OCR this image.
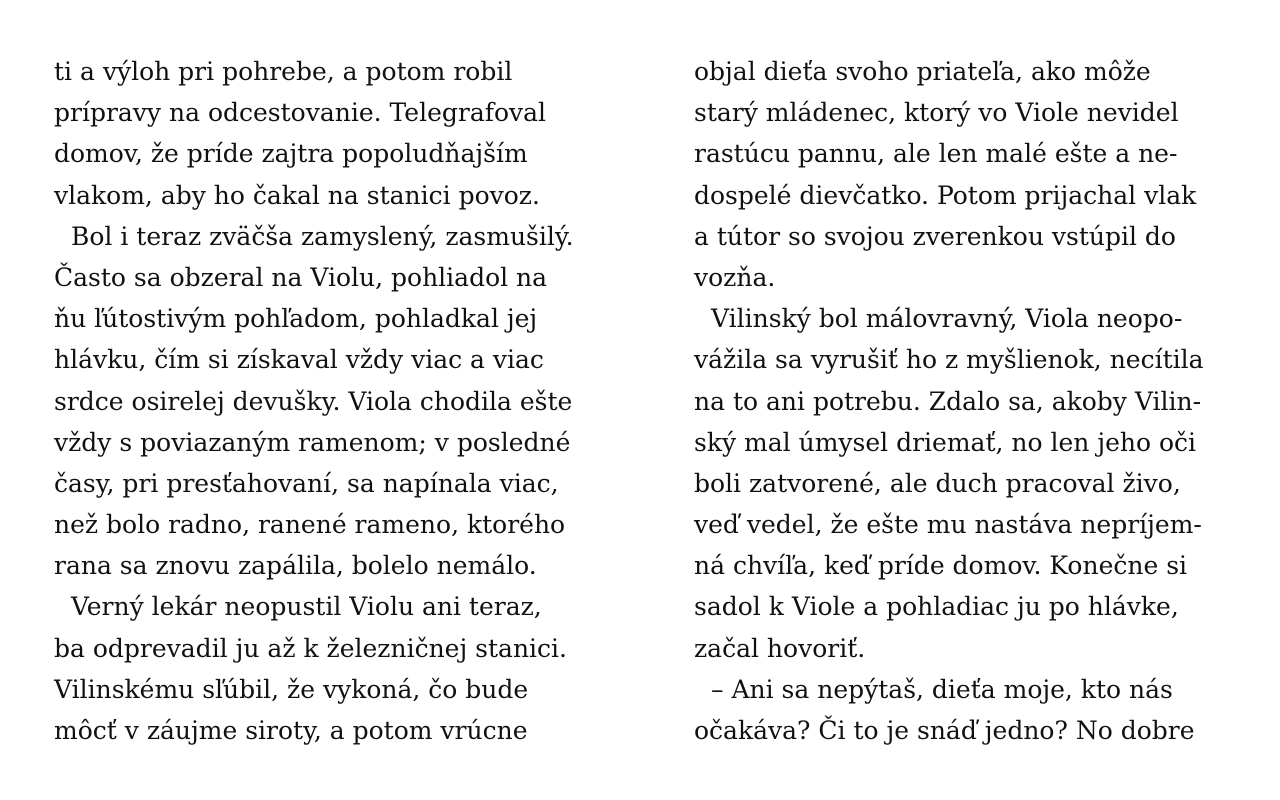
ti a výloh pri pohrebe, a potom robil
prípravy na odcestovanie. Telegrafoval
domov, že príde zajtra popoludňajším
vlakom, aby ho čakal na stanici povoz.
Bol i teraz zväčša zamyslený, zasmušilý.
Často sa obzeral na Violu, pohliadol na
ňu ľútostivým pohľadom, pohladkal jej
hlávku, čím si získaval vždy viac a viac
srdce osirelej devušky. Viola chodila ešte
vždy s poviazaným ramenom; v posledné
časy, pri presťahovaní, sa napínala viac,
než bolo radno, ranené rameno, ktorého
rana sa znovu zapálila, bolelo nemálo.
Verný lekár neopustil Violu ani teraz,
ba odprevadil ju až k železničnej stanici.
Vilinskému sľúbil, že vykoná, čo bude
môcť v záujme siroty, a potom vrúcne
objal dieťa svoho priateľa, ako môže
starý mládenec, ktorý vo Viole nevidel
rastúcu pannu, ale len malé ešte a ne-
dospelé dievčatko. Potom prijachal vlak
a tútor so svojou zverenkou vstúpil do
vozňa.
Vilinský bol málovravný, Viola neopo-
vážila sa vyrušiť ho z myšlienok, necítila
na to ani potrebu. Zdalo sa, akoby Vilin-
ský mal úmysel driemať, no len jeho oči
boli zatvorené, ale duch pracoval živo,
veď vedel, že ešte mu nastáva nepríjem-
ná chvíľa, keď príde domov. Konečne si
sadol k Viole a pohladiac ju po hlávke,
začal hovoriť.
– Ani sa nepýtaš, dieťa moje, kto nás
očakáva? Či to je snáď jedno? No dobre
